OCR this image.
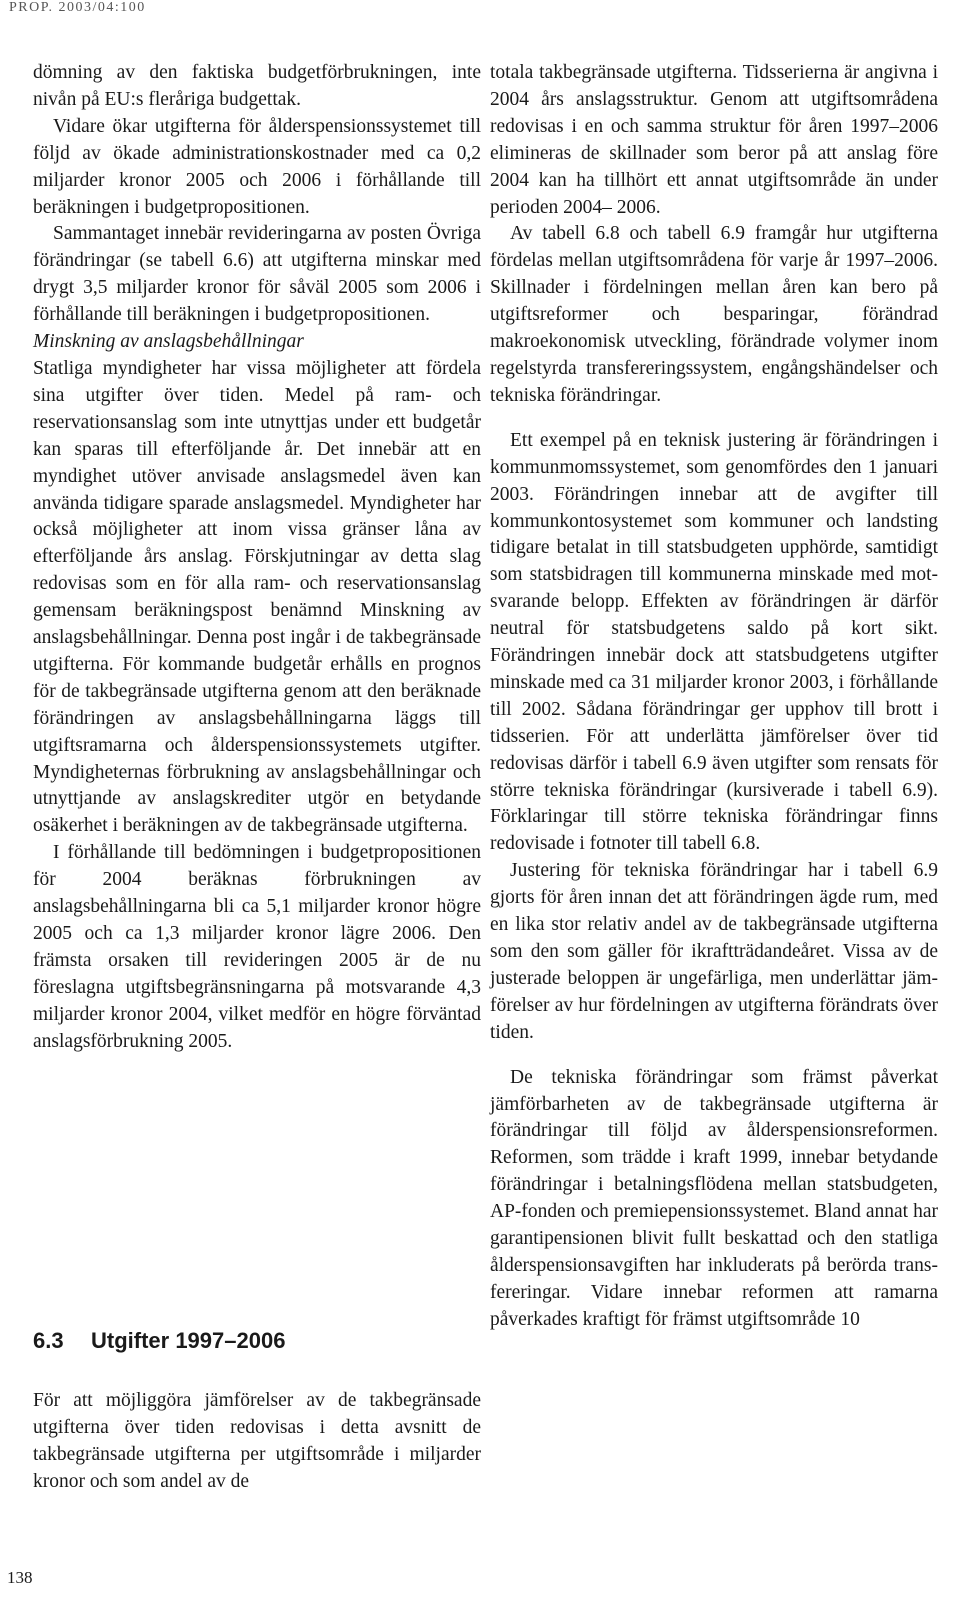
PROP. 2003/04:100

dömning av den faktiska budgetförbrukningen, inte nivån på EU:s fleråriga budgettak.

Vidare ökar utgifterna för ålderspensionssystemet till följd av ökade administrationskostnader med ca 0,2 miljarder kronor 2005 och 2006 i förhållande till beräkningen i budgetpropositionen.

Sammantaget innebär revideringarna av posten Övriga förändringar (se tabell 6.6) att utgifterna minskar med drygt 3,5 miljarder kronor för såväl 2005 som 2006 i förhållande till beräkningen i budgetpropositionen.

Minskning av anslagsbehållningar

Statliga myndigheter har vissa möjligheter att fördela sina utgifter över tiden. Medel på ram- och reservationsanslag som inte utnyttjas under ett budgetår kan sparas till efterföljande år. Det innebär att en myndighet utöver anvisade anslagsmedel även kan använda tidigare sparade anslagsmedel. Myndigheter har också möjligheter att inom vissa gränser låna av efterföljande års anslag. Förskjutningar av detta slag redovisas som en för alla ram- och reservationsanslag gemensam beräkningspost benämnd Minskning av anslagsbehållningar. Denna post ingår i de takbegränsade utgifterna. För kommande budgetår erhålls en prognos för de takbegränsade utgifterna genom att den beräknade förändringen av anslagsbehållningarna läggs till utgiftsramarna och ålderspensionssystemets utgifter. Myndigheternas förbrukning av anslagsbehållningar och utnyttjande av anslagskrediter utgör en betydande osäkerhet i beräkningen av de takbegränsade utgifterna.

I förhållande till bedömningen i budgetpropositionen för 2004 beräknas förbrukningen av anslagsbehållningarna bli ca 5,1 miljarder kronor högre 2005 och ca 1,3 miljarder kronor lägre 2006. Den främsta orsaken till revideringen 2005 är de nu föreslagna utgiftsbegränsningarna på motsvarande 4,3 miljarder kronor 2004, vilket medför en högre förväntad anslagsförbrukning 2005.

6.3 Utgifter 1997–2006

För att möjliggöra jämförelser av de takbegränsade utgifterna över tiden redovisas i detta avsnitt de takbegränsade utgifterna per utgiftsområde i miljarder kronor och som andel av de

totala takbegränsade utgifterna. Tidsserierna är angivna i 2004 års anslagsstruktur. Genom att utgiftsområdena redovisas i en och samma struktur för åren 1997–2006 elimineras de skillnader som beror på att anslag före 2004 kan ha tillhört ett annat utgiftsområde än under perioden 2004– 2006.

Av tabell 6.8 och tabell 6.9 framgår hur utgifterna fördelas mellan utgiftsområdena för varje år 1997–2006. Skillnader i fördelningen mellan åren kan bero på utgiftsreformer och besparingar, förändrad makroekonomisk utveckling, förändrade volymer inom regelstyrda transfereringssystem, engångshändelser och tekniska förändringar.

Ett exempel på en teknisk justering är förändringen i kommunmomssystemet, som genomfördes den 1 januari 2003. Förändringen innebar att de avgifter till kommunkontosystemet som kommuner och landsting tidigare betalat in till statsbudgeten upphörde, samtidigt som statsbidragen till kommunerna minskade med motsvarande belopp. Effekten av förändringen är därför neutral för statsbudgetens saldo på kort sikt. Förändringen innebär dock att statsbudgetens utgifter minskade med ca 31 miljarder kronor 2003, i förhållande till 2002. Sådana förändringar ger upphov till brott i tidsserien. För att underlätta jämförelser över tid redovisas därför i tabell 6.9 även utgifter som rensats för större tekniska förändringar (kursiverade i tabell 6.9). Förklaringar till större tekniska förändringar finns redovisade i fotnoter till tabell 6.8.

Justering för tekniska förändringar har i tabell 6.9 gjorts för åren innan det att förändringen ägde rum, med en lika stor relativ andel av de takbegränsade utgifterna som den som gäller för ikraftträdandeåret. Vissa av de justerade beloppen är ungefärliga, men underlättar jämförelser av hur fördelningen av utgifterna förändrats över tiden.

De tekniska förändringar som främst påverkat jämförbarheten av de takbegränsade utgifterna är förändringar till följd av ålderspensionsreformen. Reformen, som trädde i kraft 1999, innebar betydande förändringar i betalningsflödena mellan statsbudgeten, AP-fonden och premiepensionssystemet. Bland annat har garantipensionen blivit fullt beskattad och den statliga ålderspensionsavgiften har inkluderats på berörda transfereringar. Vidare innebar reformen att ramarna påverkades kraftigt för främst utgiftsområde 10

138
